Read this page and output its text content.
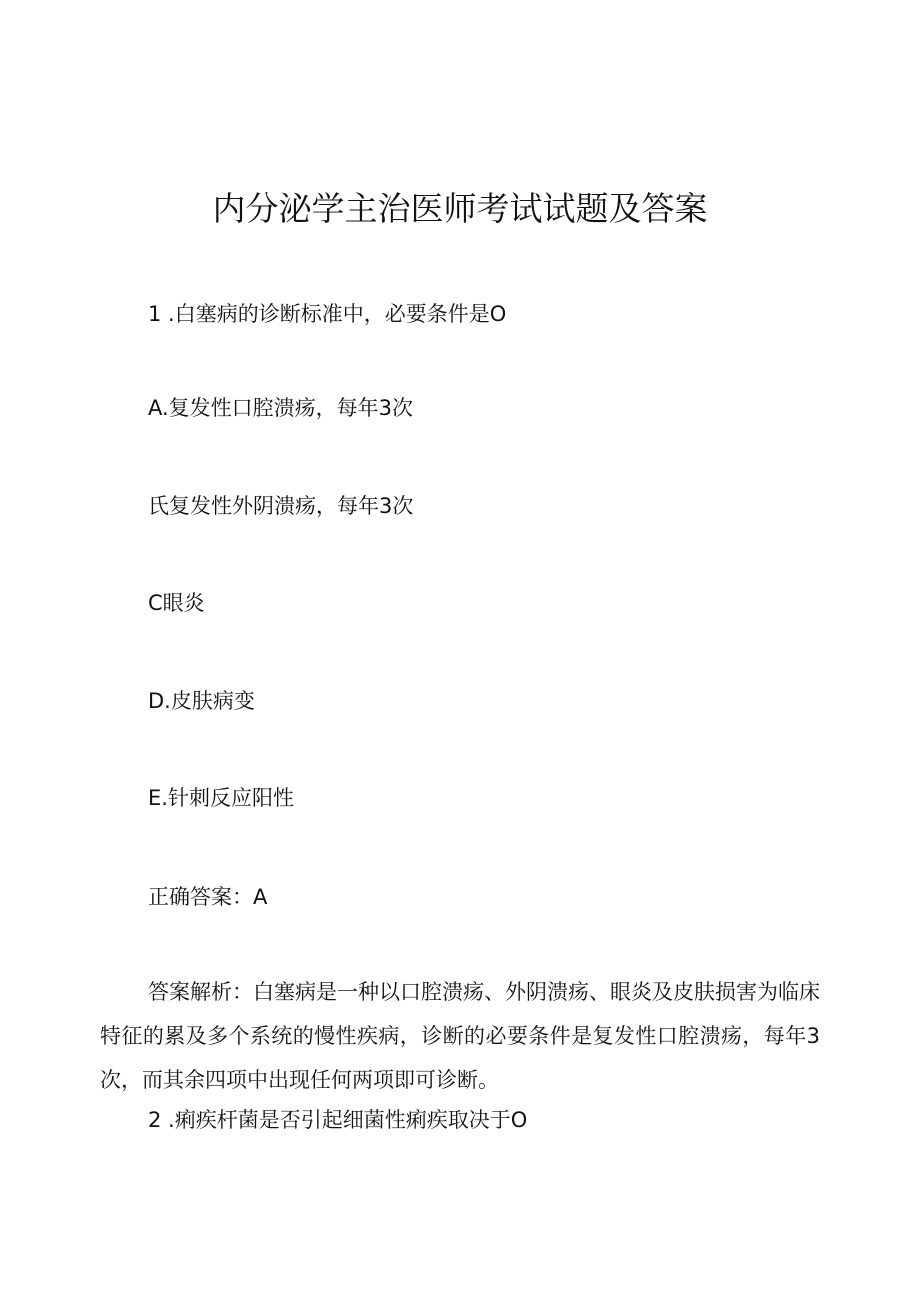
内分泌学主治医师考试试题及答案
1 .白塞病的诊断标准中，必要条件是O
A.复发性口腔溃疡，每年3次
氏复发性外阴溃疡，每年3次
C眼炎
D.皮肤病变
E.针刺反应阳性
正确答案：A
答案解析：白塞病是一种以口腔溃疡、外阴溃疡、眼炎及皮肤损害为临床特征的累及多个系统的慢性疾病，诊断的必要条件是复发性口腔溃疡，每年3次，而其余四项中出现任何两项即可诊断。
2 .痢疾杆菌是否引起细菌性痢疾取决于O
